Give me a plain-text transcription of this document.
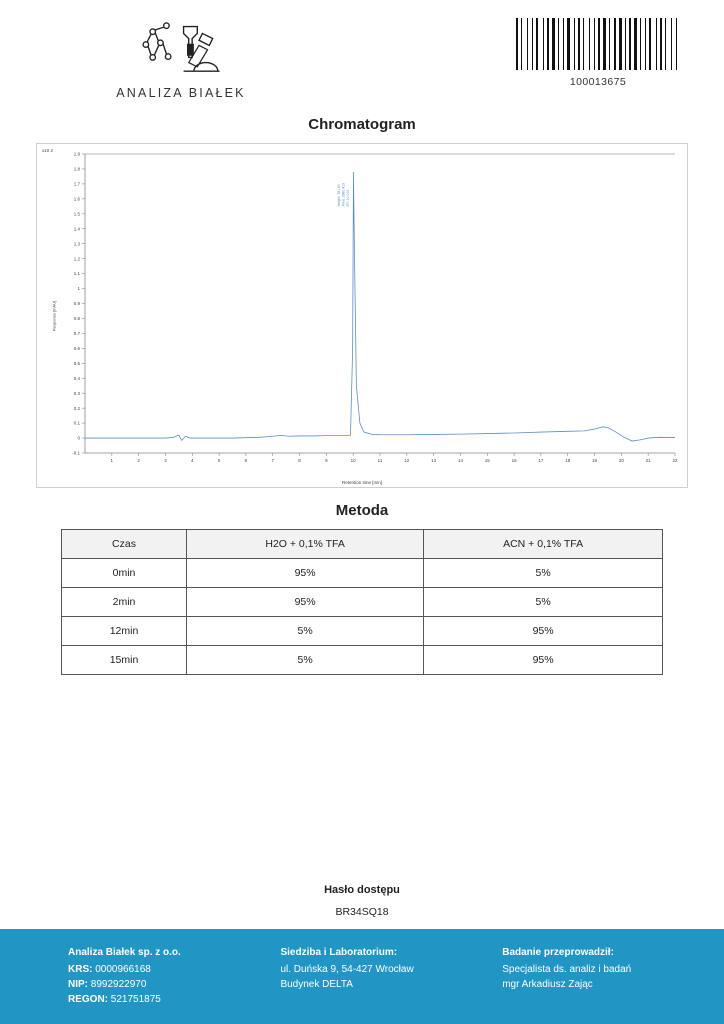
ANALIZA BIAŁEK
100013675
Chromatogram
x10 2
Response [mAU]
Retention time [min]
1.9
1.8
1.7
1.6
1.5
1.4
1.3
1.2
1.1
1
0.9
0.8
0.7
0.6
0.5
0.4
0.3
0.2
0.1
0
-0.1
1	2	3	4	5	6	7	8	9	10	11	12	13	14	15	16	17	18	19	20	21	22
RT: 10.003
Area: 2880.413
Height: 781.60
Metoda
Czas	H2O + 0,1% TFA	ACN + 0,1% TFA
0min	95%	5%
2min	95%	5%
12min	5%	95%
15min	5%	95%
Hasło dostępu
BR34SQ18
Analiza Białek sp. z o.o.
KRS: 0000966168
NIP: 8992922970
REGON: 521751875
Siedziba i Laboratorium:
ul. Duńska 9, 54-427 Wrocław
Budynek DELTA
Badanie przeprowadził:
Specjalista ds. analiz i badań
mgr Arkadiusz Zając
